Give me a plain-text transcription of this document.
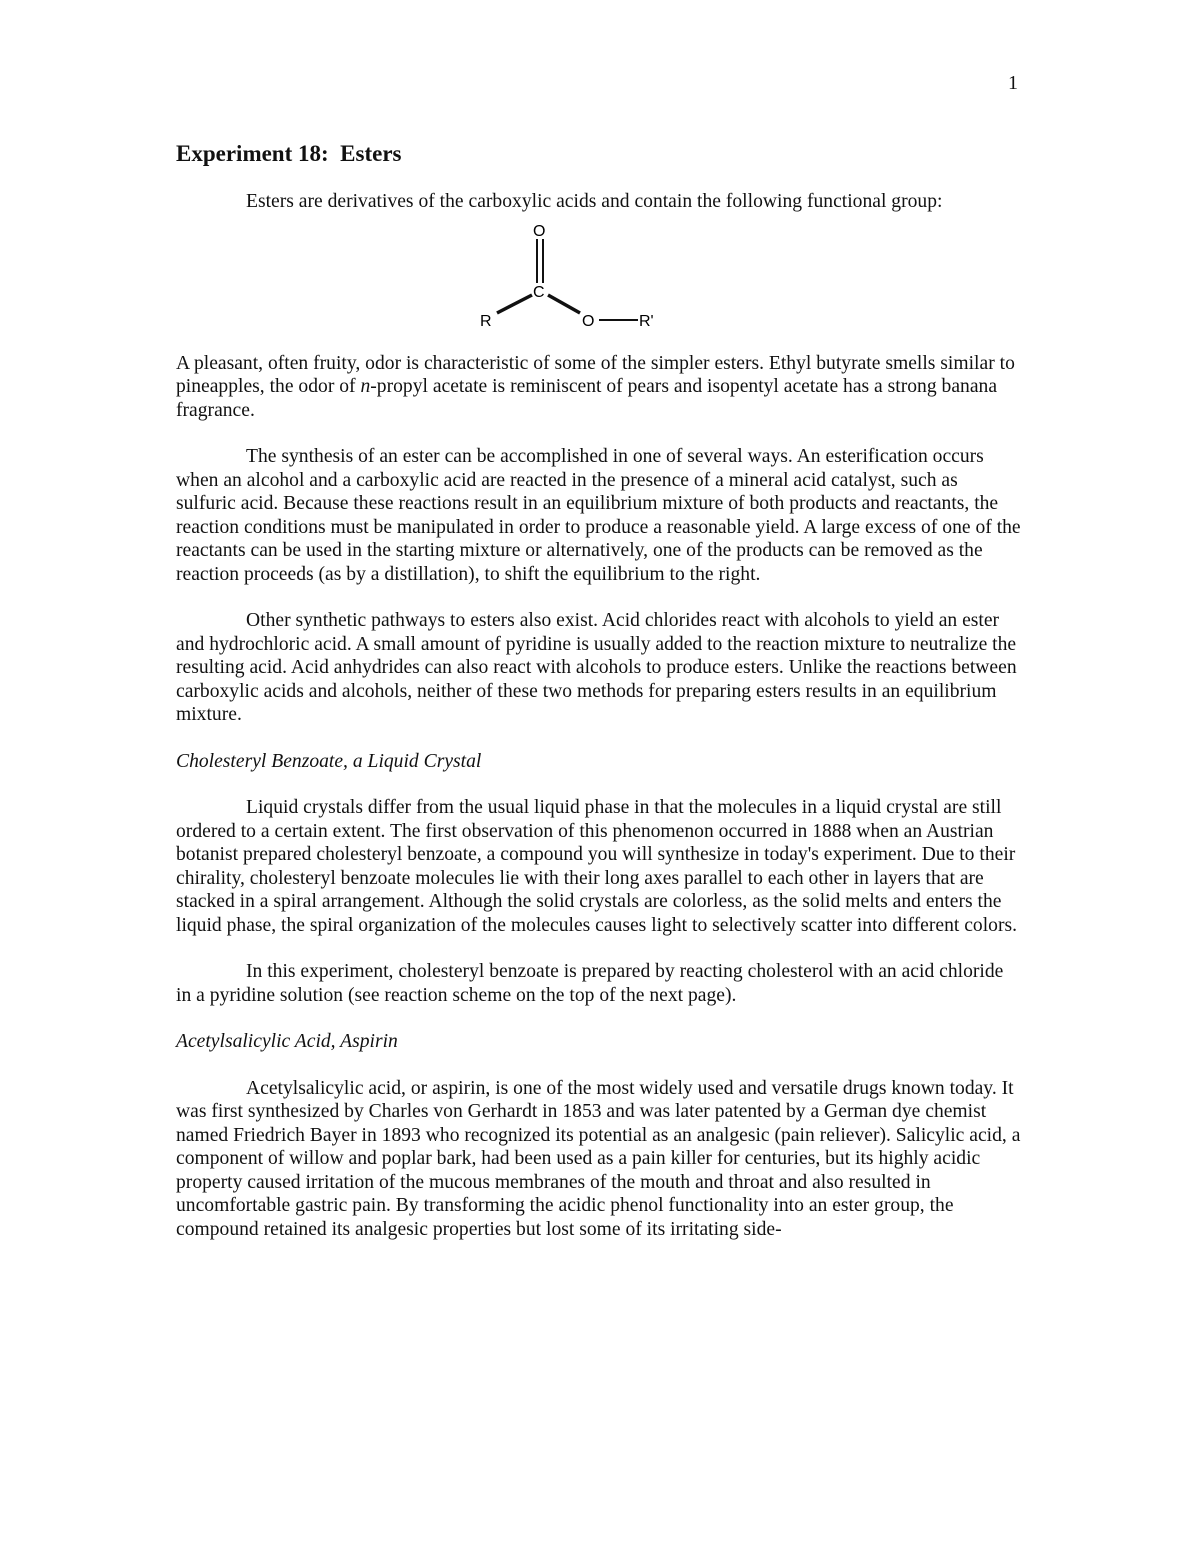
1
Experiment 18: Esters

Esters are derivatives of the carboxylic acids and contain the following functional group:

O
C
R	O	R'

A pleasant, often fruity, odor is characteristic of some of the simpler esters. Ethyl butyrate smells similar to pineapples, the odor of n-propyl acetate is reminiscent of pears and isopentyl acetate has a strong banana fragrance.

The synthesis of an ester can be accomplished in one of several ways. An esterification occurs when an alcohol and a carboxylic acid are reacted in the presence of a mineral acid catalyst, such as sulfuric acid. Because these reactions result in an equilibrium mixture of both products and reactants, the reaction conditions must be manipulated in order to produce a reasonable yield. A large excess of one of the reactants can be used in the starting mixture or alternatively, one of the products can be removed as the reaction proceeds (as by a distillation), to shift the equilibrium to the right.

Other synthetic pathways to esters also exist. Acid chlorides react with alcohols to yield an ester and hydrochloric acid. A small amount of pyridine is usually added to the reaction mixture to neutralize the resulting acid. Acid anhydrides can also react with alcohols to produce esters. Unlike the reactions between carboxylic acids and alcohols, neither of these two methods for preparing esters results in an equilibrium mixture.

Cholesteryl Benzoate, a Liquid Crystal

Liquid crystals differ from the usual liquid phase in that the molecules in a liquid crystal are still ordered to a certain extent. The first observation of this phenomenon occurred in 1888 when an Austrian botanist prepared cholesteryl benzoate, a compound you will synthesize in today's experiment. Due to their chirality, cholesteryl benzoate molecules lie with their long axes parallel to each other in layers that are stacked in a spiral arrangement. Although the solid crystals are colorless, as the solid melts and enters the liquid phase, the spiral organization of the molecules causes light to selectively scatter into different colors.

In this experiment, cholesteryl benzoate is prepared by reacting cholesterol with an acid chloride in a pyridine solution (see reaction scheme on the top of the next page).

Acetylsalicylic Acid, Aspirin

Acetylsalicylic acid, or aspirin, is one of the most widely used and versatile drugs known today. It was first synthesized by Charles von Gerhardt in 1853 and was later patented by a German dye chemist named Friedrich Bayer in 1893 who recognized its potential as an analgesic (pain reliever). Salicylic acid, a component of willow and poplar bark, had been used as a pain killer for centuries, but its highly acidic property caused irritation of the mucous membranes of the mouth and throat and also resulted in uncomfortable gastric pain. By transforming the acidic phenol functionality into an ester group, the compound retained its analgesic properties but lost some of its irritating side-
